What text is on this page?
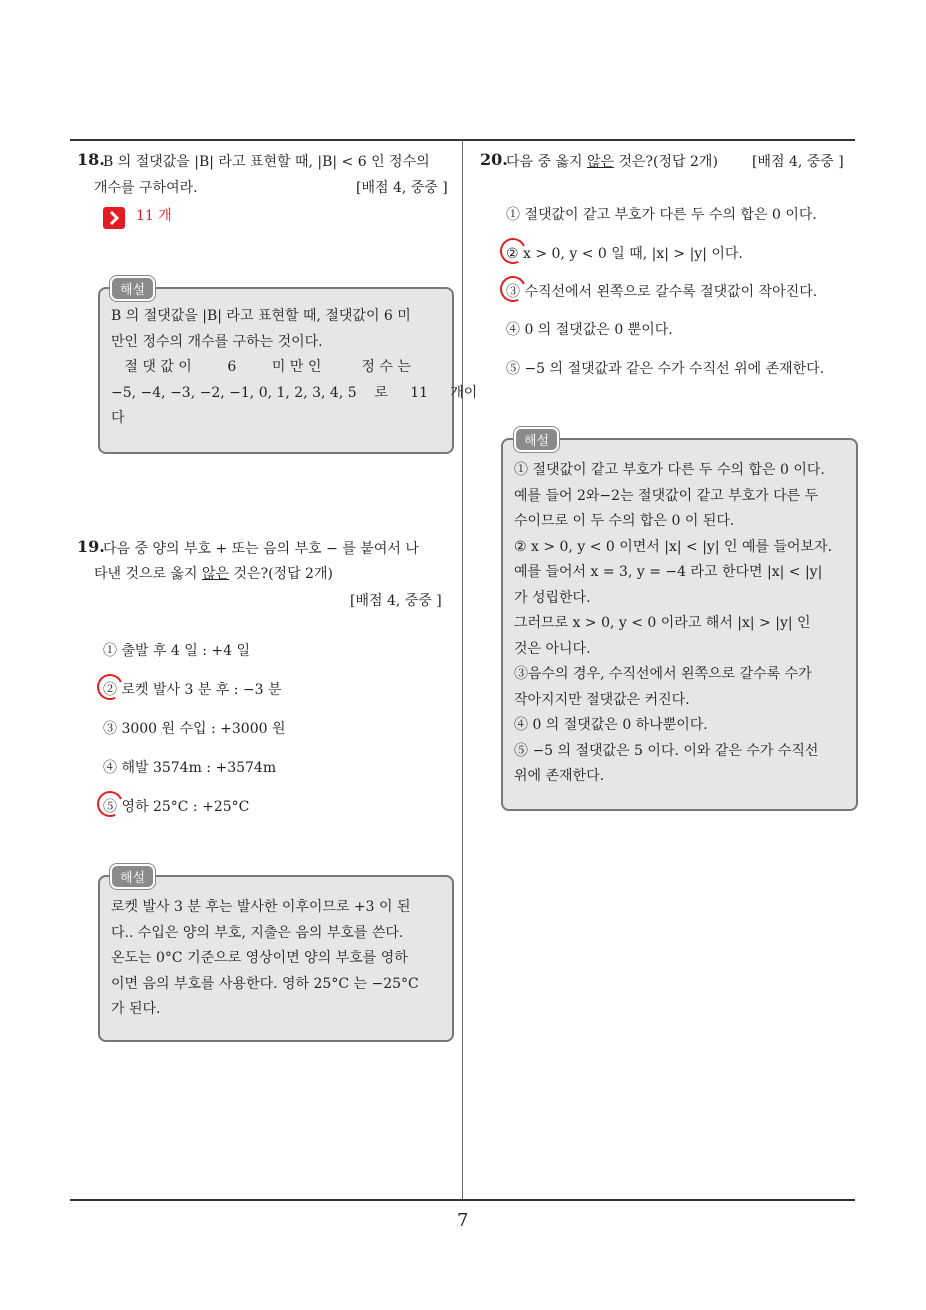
18.
B 의 절댓값을 |B| 라고 표현할 때, |B| < 6 인 정수의
개수를 구하여라.	[배점 4, 중중 ]
11 개

B 의 절댓값을 |B| 라고 표현할 때, 절댓값이 6 미

만인 정수의 개수를 구하는 것이다.

절 댓 값 이        6        미 만 인         정 수 는

−5, −4, −3, −2, −1, 0, 1, 2, 3, 4, 5    로     11     개이

다

해설
19.
다음 중 양의 부호 + 또는 음의 부호 − 를 붙여서 나
타낸 것으로 옳지 않은 것은?(정답 2개)
[배점 4, 중중 ]
① 출발 후 4 일 : +4 일
② 로켓 발사 3 분 후 : −3 분
③ 3000 원 수입 : +3000 원
④ 해발 3574m : +3574m
⑤ 영하 25°C : +25°C

로켓 발사 3 분 후는 발사한 이후이므로 +3 이 된

다.. 수입은 양의 부호, 지출은 음의 부호를 쓴다.

온도는 0°C 기준으로 영상이면 양의 부호를 영하

이면 음의 부호를 사용한다. 영하 25°C 는 −25°C

가 된다.

해설
20.
다음 중 옳지 않은 것은?(정답 2개) [배점 4, 중중 ]
① 절댓값이 같고 부호가 다른 두 수의 합은 0 이다.
② x > 0, y < 0 일 때, |x| > |y| 이다.
③ 수직선에서 왼쪽으로 갈수록 절댓값이 작아진다.
④ 0 의 절댓값은 0 뿐이다.
⑤ −5 의 절댓값과 같은 수가 수직선 위에 존재한다.

① 절댓값이 같고 부호가 다른 두 수의 합은 0 이다.

예를 들어 2와−2는 절댓값이 같고 부호가 다른 두

수이므로 이 두 수의 합은 0 이 된다.

② x > 0, y < 0 이면서 |x| < |y| 인 예를 들어보자.

예를 들어서 x = 3, y = −4 라고 한다면 |x| < |y|

가 성립한다.

그러므로 x > 0, y < 0 이라고 해서 |x| > |y| 인

것은 아니다.

③음수의 경우, 수직선에서 왼쪽으로 갈수록 수가

작아지지만 절댓값은 커진다.

④ 0 의 절댓값은 0 하나뿐이다.

⑤ −5 의 절댓값은 5 이다. 이와 같은 수가 수직선

위에 존재한다.

해설
7
